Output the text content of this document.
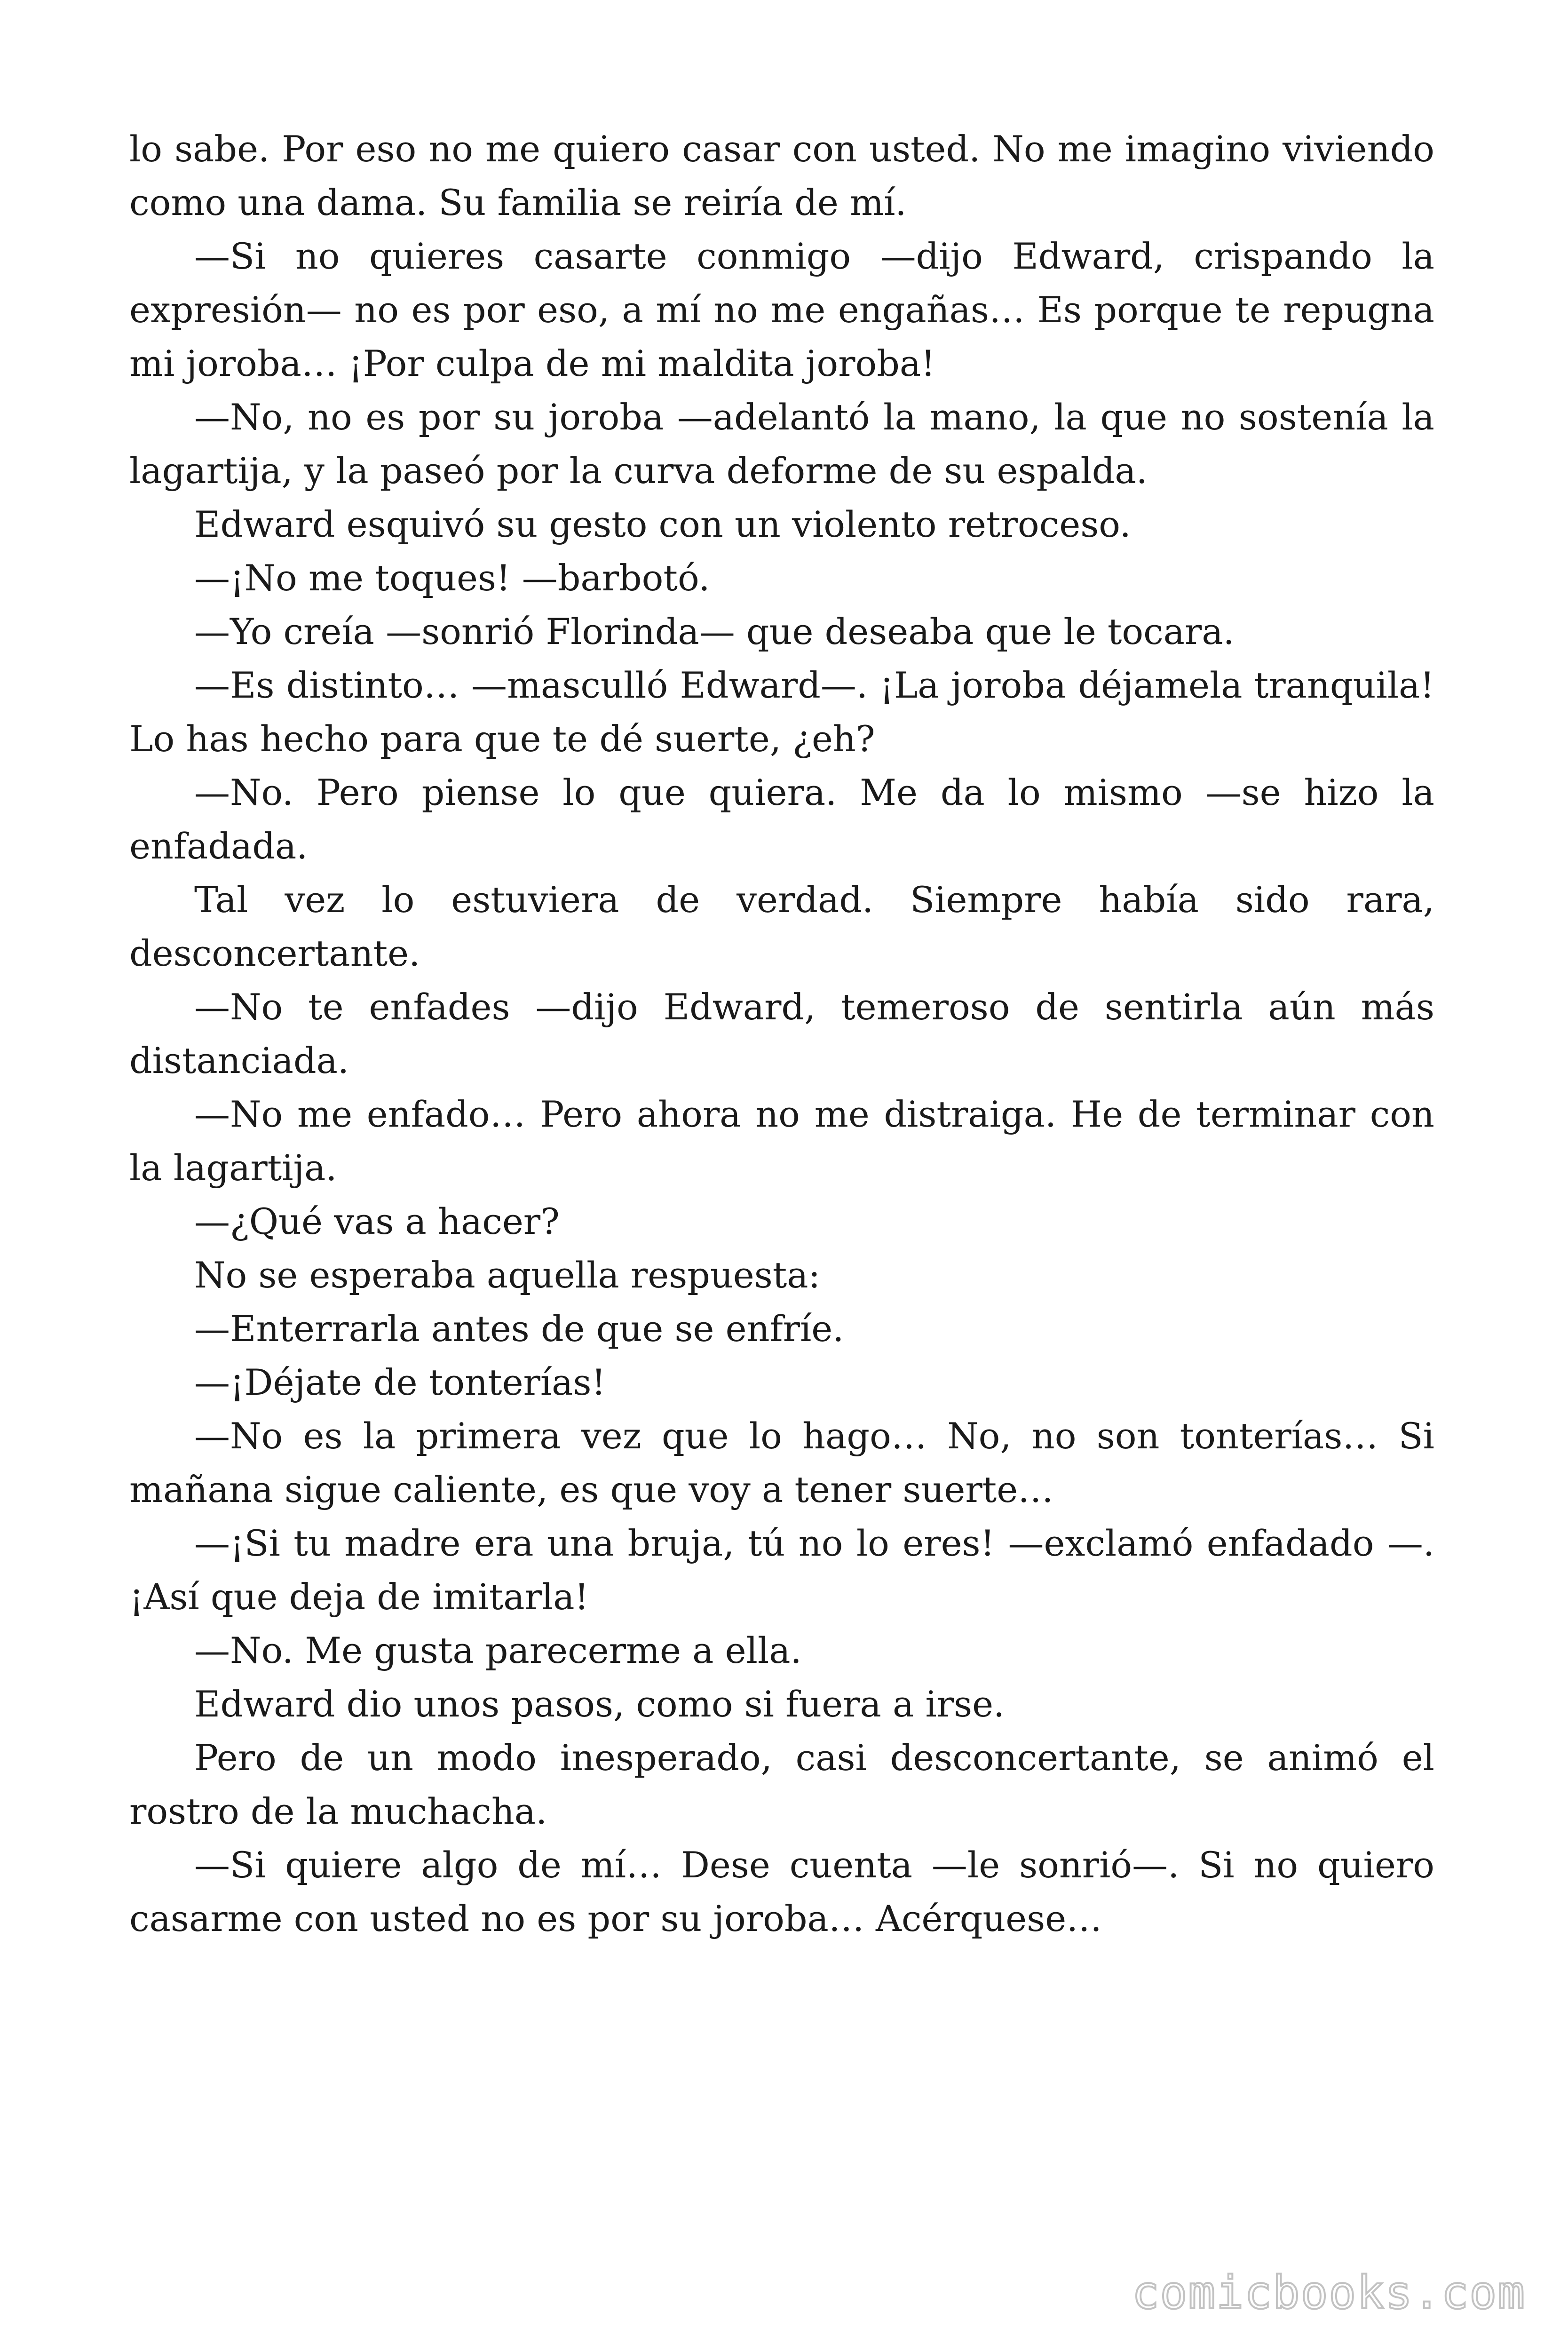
lo sabe. Por eso no me quiero casar con usted. No me imagino viviendo como una dama. Su familia se reiría de mí.

—Si no quieres casarte conmigo —dijo Edward, crispando la expresión— no es por eso, a mí no me engañas… Es porque te repugna mi joroba… ¡Por culpa de mi maldita joroba!

—No, no es por su joroba —adelantó la mano, la que no sostenía la lagartija, y la paseó por la curva deforme de su espalda.

Edward esquivó su gesto con un violento retroceso.

—¡No me toques! —barbotó.

—Yo creía —sonrió Florinda— que deseaba que le tocara.

—Es distinto… —masculló Edward—. ¡La joroba déjamela tranquila! Lo has hecho para que te dé suerte, ¿eh?

—No. Pero piense lo que quiera. Me da lo mismo —se hizo la enfadada.

Tal vez lo estuviera de verdad. Siempre había sido rara, desconcertante.

—No te enfades —dijo Edward, temeroso de sentirla aún más distanciada.

—No me enfado… Pero ahora no me distraiga. He de terminar con la lagartija.

—¿Qué vas a hacer?

No se esperaba aquella respuesta:

—Enterrarla antes de que se enfríe.

—¡Déjate de tonterías!

—No es la primera vez que lo hago… No, no son tonterías… Si mañana sigue caliente, es que voy a tener suerte…

—¡Si tu madre era una bruja, tú no lo eres! —exclamó enfadado —. ¡Así que deja de imitarla!

—No. Me gusta parecerme a ella.

Edward dio unos pasos, como si fuera a irse.

Pero de un modo inesperado, casi desconcertante, se animó el rostro de la muchacha.

—Si quiere algo de mí… Dese cuenta —le sonrió—. Si no quiero casarme con usted no es por su joroba… Acérquese…

comicbooks.com
